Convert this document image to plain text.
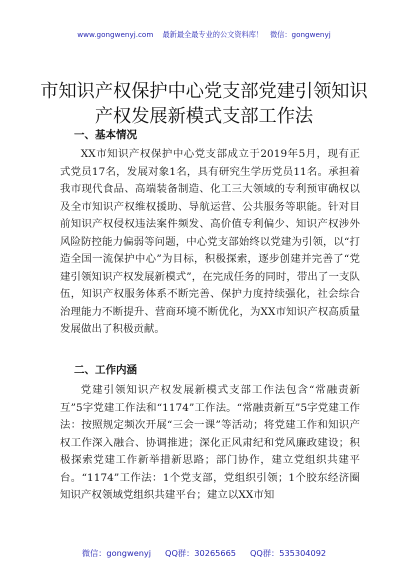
www.gongwenyj.com 最新最全最专业的公文资料库！ 微信：gongwenyj
市知识产权保护中心党支部党建引领知识产权发展新模式支部工作法
一、基本情况

XX市知识产权保护中心党支部成立于2019年5月，现有正式党员17名，发展对象1名，具有研究生学历党员11名。承担着我市现代食品、高端装备制造、化工三大领域的专利预审确权以及全市知识产权维权援助、导航运营、公共服务等职能。针对目前知识产权侵权违法案件频发、高价值专利偏少、知识产权涉外风险防控能力偏弱等问题，中心党支部始终以党建为引领，以“打造全国一流保护中心”为目标，积极探索，逐步创建并完善了“党建引领知识产权发展新模式”，在完成任务的同时，带出了一支队伍，知识产权服务体系不断完善、保护力度持续强化，社会综合治理能力不断提升、营商环境不断优化，为XX市知识产权高质量发展做出了积极贡献。

二、工作内涵

党建引领知识产权发展新模式支部工作法包含“常融责新互”5字党建工作法和“1174”工作法。“常融责新互”5字党建工作法：按照规定频次开展“三会一课”等活动；将党建工作和知识产权工作深入融合、协调推进；深化正风肃纪和党风廉政建设；积极探索党建工作新举措新思路；部门协作，建立党组织共建平台。“1174”工作法：1个党支部，党组织引领；1个胶东经济圈知识产权领域党组织共建平台；建立以XX市知

微信：gongwenyj QQ群：30265665 QQ群：535304092
